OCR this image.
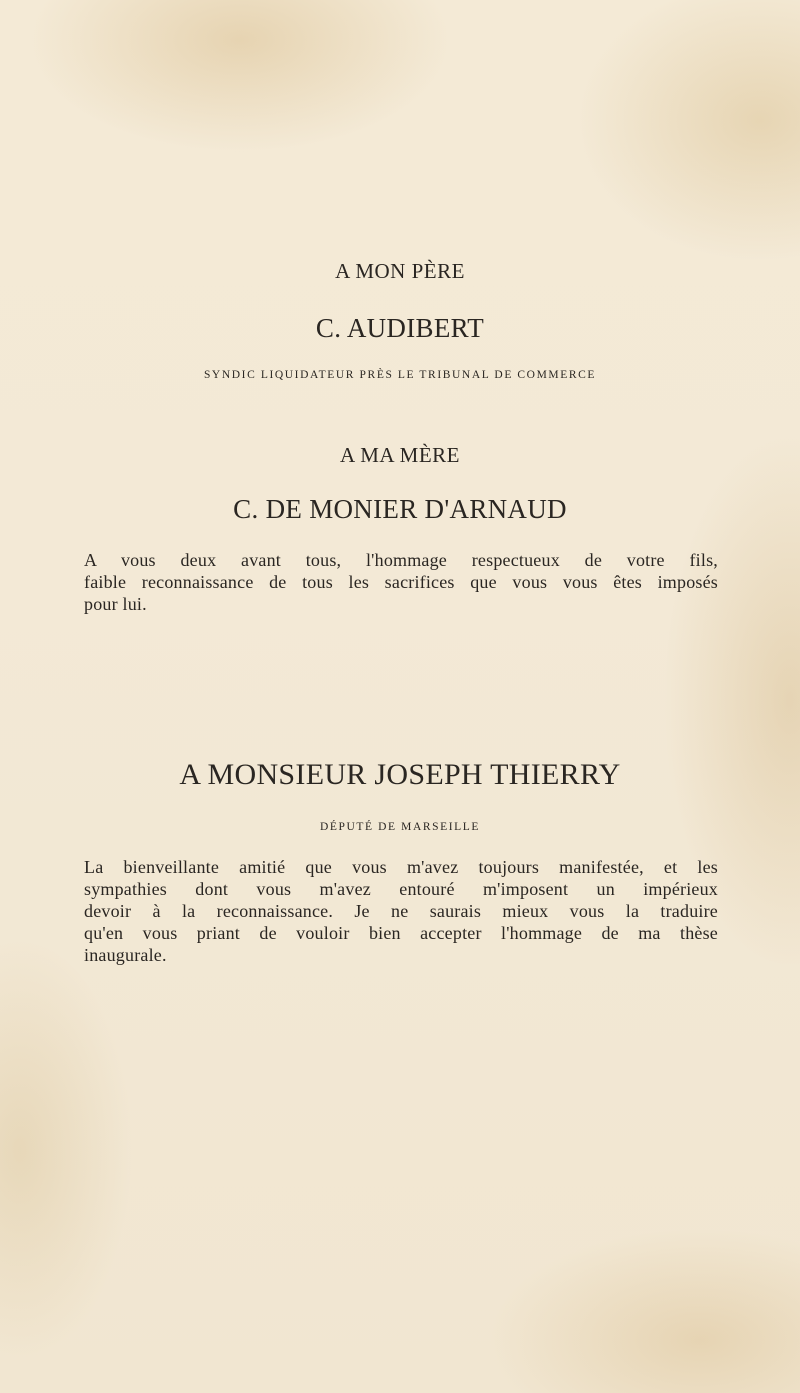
A MON PÈRE
C. AUDIBERT
SYNDIC LIQUIDATEUR PRÈS LE TRIBUNAL DE COMMERCE
A MA MÈRE
C. DE MONIER D'ARNAUD
A vous deux avant tous, l'hommage respectueux de votre fils,
faible reconnaissance de tous les sacrifices que vous vous êtes imposés
pour lui.
A MONSIEUR JOSEPH THIERRY
DÉPUTÉ DE MARSEILLE
La bienveillante amitié que vous m'avez toujours manifestée, et les
sympathies dont vous m'avez entouré m'imposent un impérieux
devoir à la reconnaissance. Je ne saurais mieux vous la traduire
qu'en vous priant de vouloir bien accepter l'hommage de ma thèse
inaugurale.
